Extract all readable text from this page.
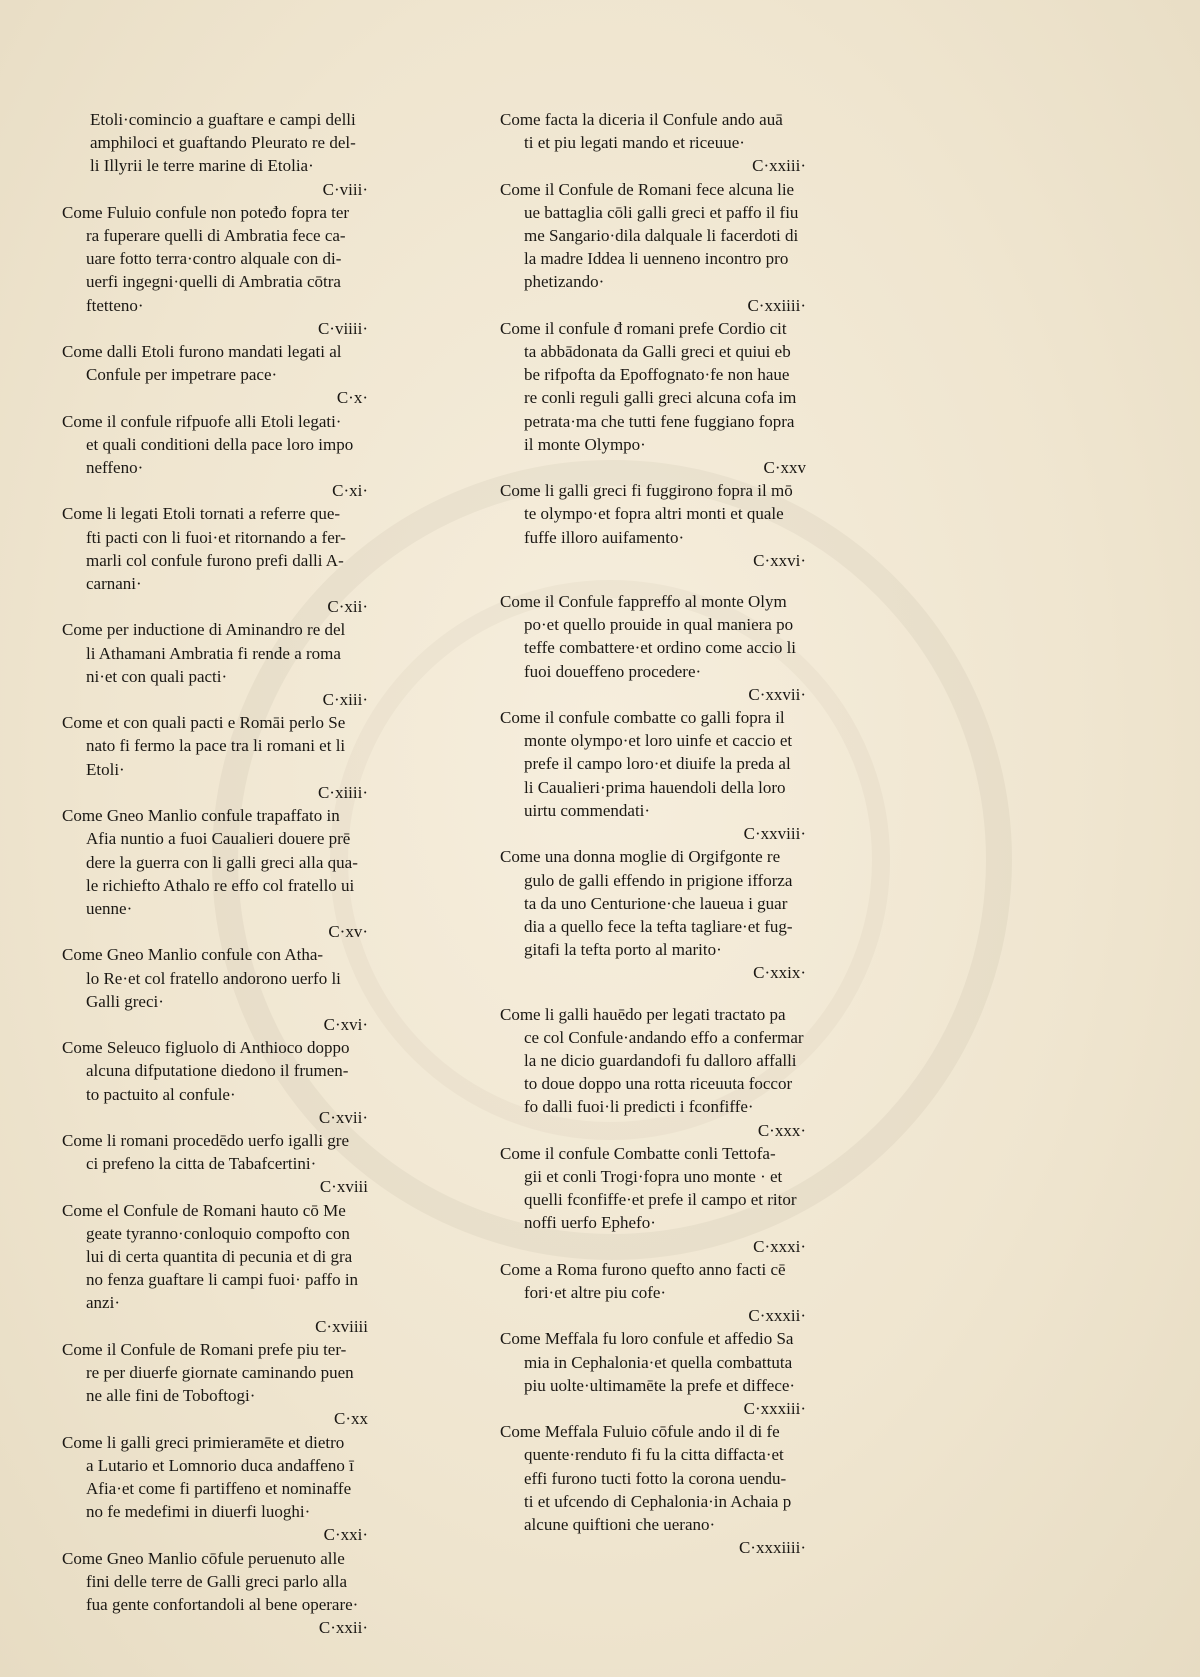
Etoli·comincio a guaftare e campi delli
amphiloci et guaftando Pleurato re del-
li Illyrii le terre marine di Etolia·
C·viii·
Come Fuluio confule non poteđo fopra ter
ra fuperare quelli di Ambratia fece ca-
uare fotto terra·contro alquale con di-
uerfi ingegni·quelli di Ambratia cōtra
ftetteno·
C·viiii·
Come dalli Etoli furono mandati legati al
Confule per impetrare pace·
C·x·
Come il confule rifpuofe alli Etoli legati·
et quali conditioni della pace loro impo
neffeno·
C·xi·
Come li legati Etoli tornati a referre que-
fti pacti con li fuoi·et ritornando a fer-
marli col confule furono prefi dalli A-
carnani·
C·xii·
Come per inductione di Aminandro re del
li Athamani Ambratia fi rende a roma
ni·et con quali pacti·
C·xiii·
Come et con quali pacti e Romāi perlo Se
nato fi fermo la pace tra li romani et li
Etoli·
C·xiiii·
Come Gneo Manlio confule trapaffato in
Afia nuntio a fuoi Caualieri douere prē
dere la guerra con li galli greci alla qua-
le richiefto Athalo re effo col fratello ui
uenne·
C·xv·
Come Gneo Manlio confule con Atha-
lo Re·et col fratello andorono uerfo li
Galli greci·
C·xvi·
Come Seleuco figluolo di Anthioco doppo
alcuna difputatione diedono il frumen-
to pactuito al confule·
C·xvii·
Come li romani procedēdo uerfo igalli gre
ci prefeno la citta de Tabafcertini·
C·xviii
Come el Confule de Romani hauto cō Me
geate tyranno·conloquio compofto con
lui di certa quantita di pecunia et di gra
no fenza guaftare li campi fuoi· paffo in
anzi·
C·xviiii
Come il Confule de Romani prefe piu ter-
re per diuerfe giornate caminando puen
ne alle fini de Toboftogi·
C·xx
Come li galli greci primieramēte et dietro
a Lutario et Lomnorio duca andaffeno ī
Afia·et come fi partiffeno et nominaffe
no fe medefimi in diuerfi luoghi·
C·xxi·
Come Gneo Manlio cōfule peruenuto alle
fini delle terre de Galli greci parlo alla
fua gente confortandoli al bene operare·
C·xxii·
Come facta la diceria il Confule ando auā
ti et piu legati mando et riceuue·
C·xxiii·
Come il Confule de Romani fece alcuna lie
ue battaglia cōli galli greci et paffo il fiu
me Sangario·dila dalquale li facerdoti di
la madre Iddea li uenneno incontro pro
phetizando·
C·xxiiii·
Come il confule đ romani prefe Cordio cit
ta abbādonata da Galli greci et quiui eb
be rifpofta da Epoffognato·fe non haue
re conli reguli galli greci alcuna cofa im
petrata·ma che tutti fene fuggiano fopra
il monte Olympo·
C·xxv
Come li galli greci fi fuggirono fopra il mō
te olympo·et fopra altri monti et quale
fuffe illoro auifamento·
C·xxvi·
Come il Confule fappreffo al monte Olym
po·et quello prouide in qual maniera po
teffe combattere·et ordino come accio li
fuoi doueffeno procedere·
C·xxvii·
Come il confule combatte co galli fopra il
monte olympo·et loro uinfe et caccio et
prefe il campo loro·et diuife la preda al
li Caualieri·prima hauendoli della loro
uirtu commendati·
C·xxviii·
Come una donna moglie di Orgifgonte re
gulo de galli effendo in prigione ifforza
ta da uno Centurione·che laueua i guar
dia a quello fece la tefta tagliare·et fug-
gitafi la tefta porto al marito·
C·xxix·
Come li galli hauēdo per legati tractato pa
ce col Confule·andando effo a confermar
la ne dicio guardandofi fu dalloro affalli
to doue doppo una rotta riceuuta foccor
fo dalli fuoi·li predicti i fconfiffe·
C·xxx·
Come il confule Combatte conli Tettofa-
gii et conli Trogi·fopra uno monte · et
quelli fconfiffe·et prefe il campo et ritor
noffi uerfo Ephefo·
C·xxxi·
Come a Roma furono quefto anno facti cē
fori·et altre piu cofe·
C·xxxii·
Come Meffala fu loro confule et affedio Sa
mia in Cephalonia·et quella combattuta
piu uolte·ultimamēte la prefe et diffece·
C·xxxiii·
Come Meffala Fuluio cōfule ando il di fe
quente·renduto fi fu la citta diffacta·et
effi furono tucti fotto la corona uendu-
ti et ufcendo di Cephalonia·in Achaia p
alcune quiftioni che uerano·
C·xxxiiii·
